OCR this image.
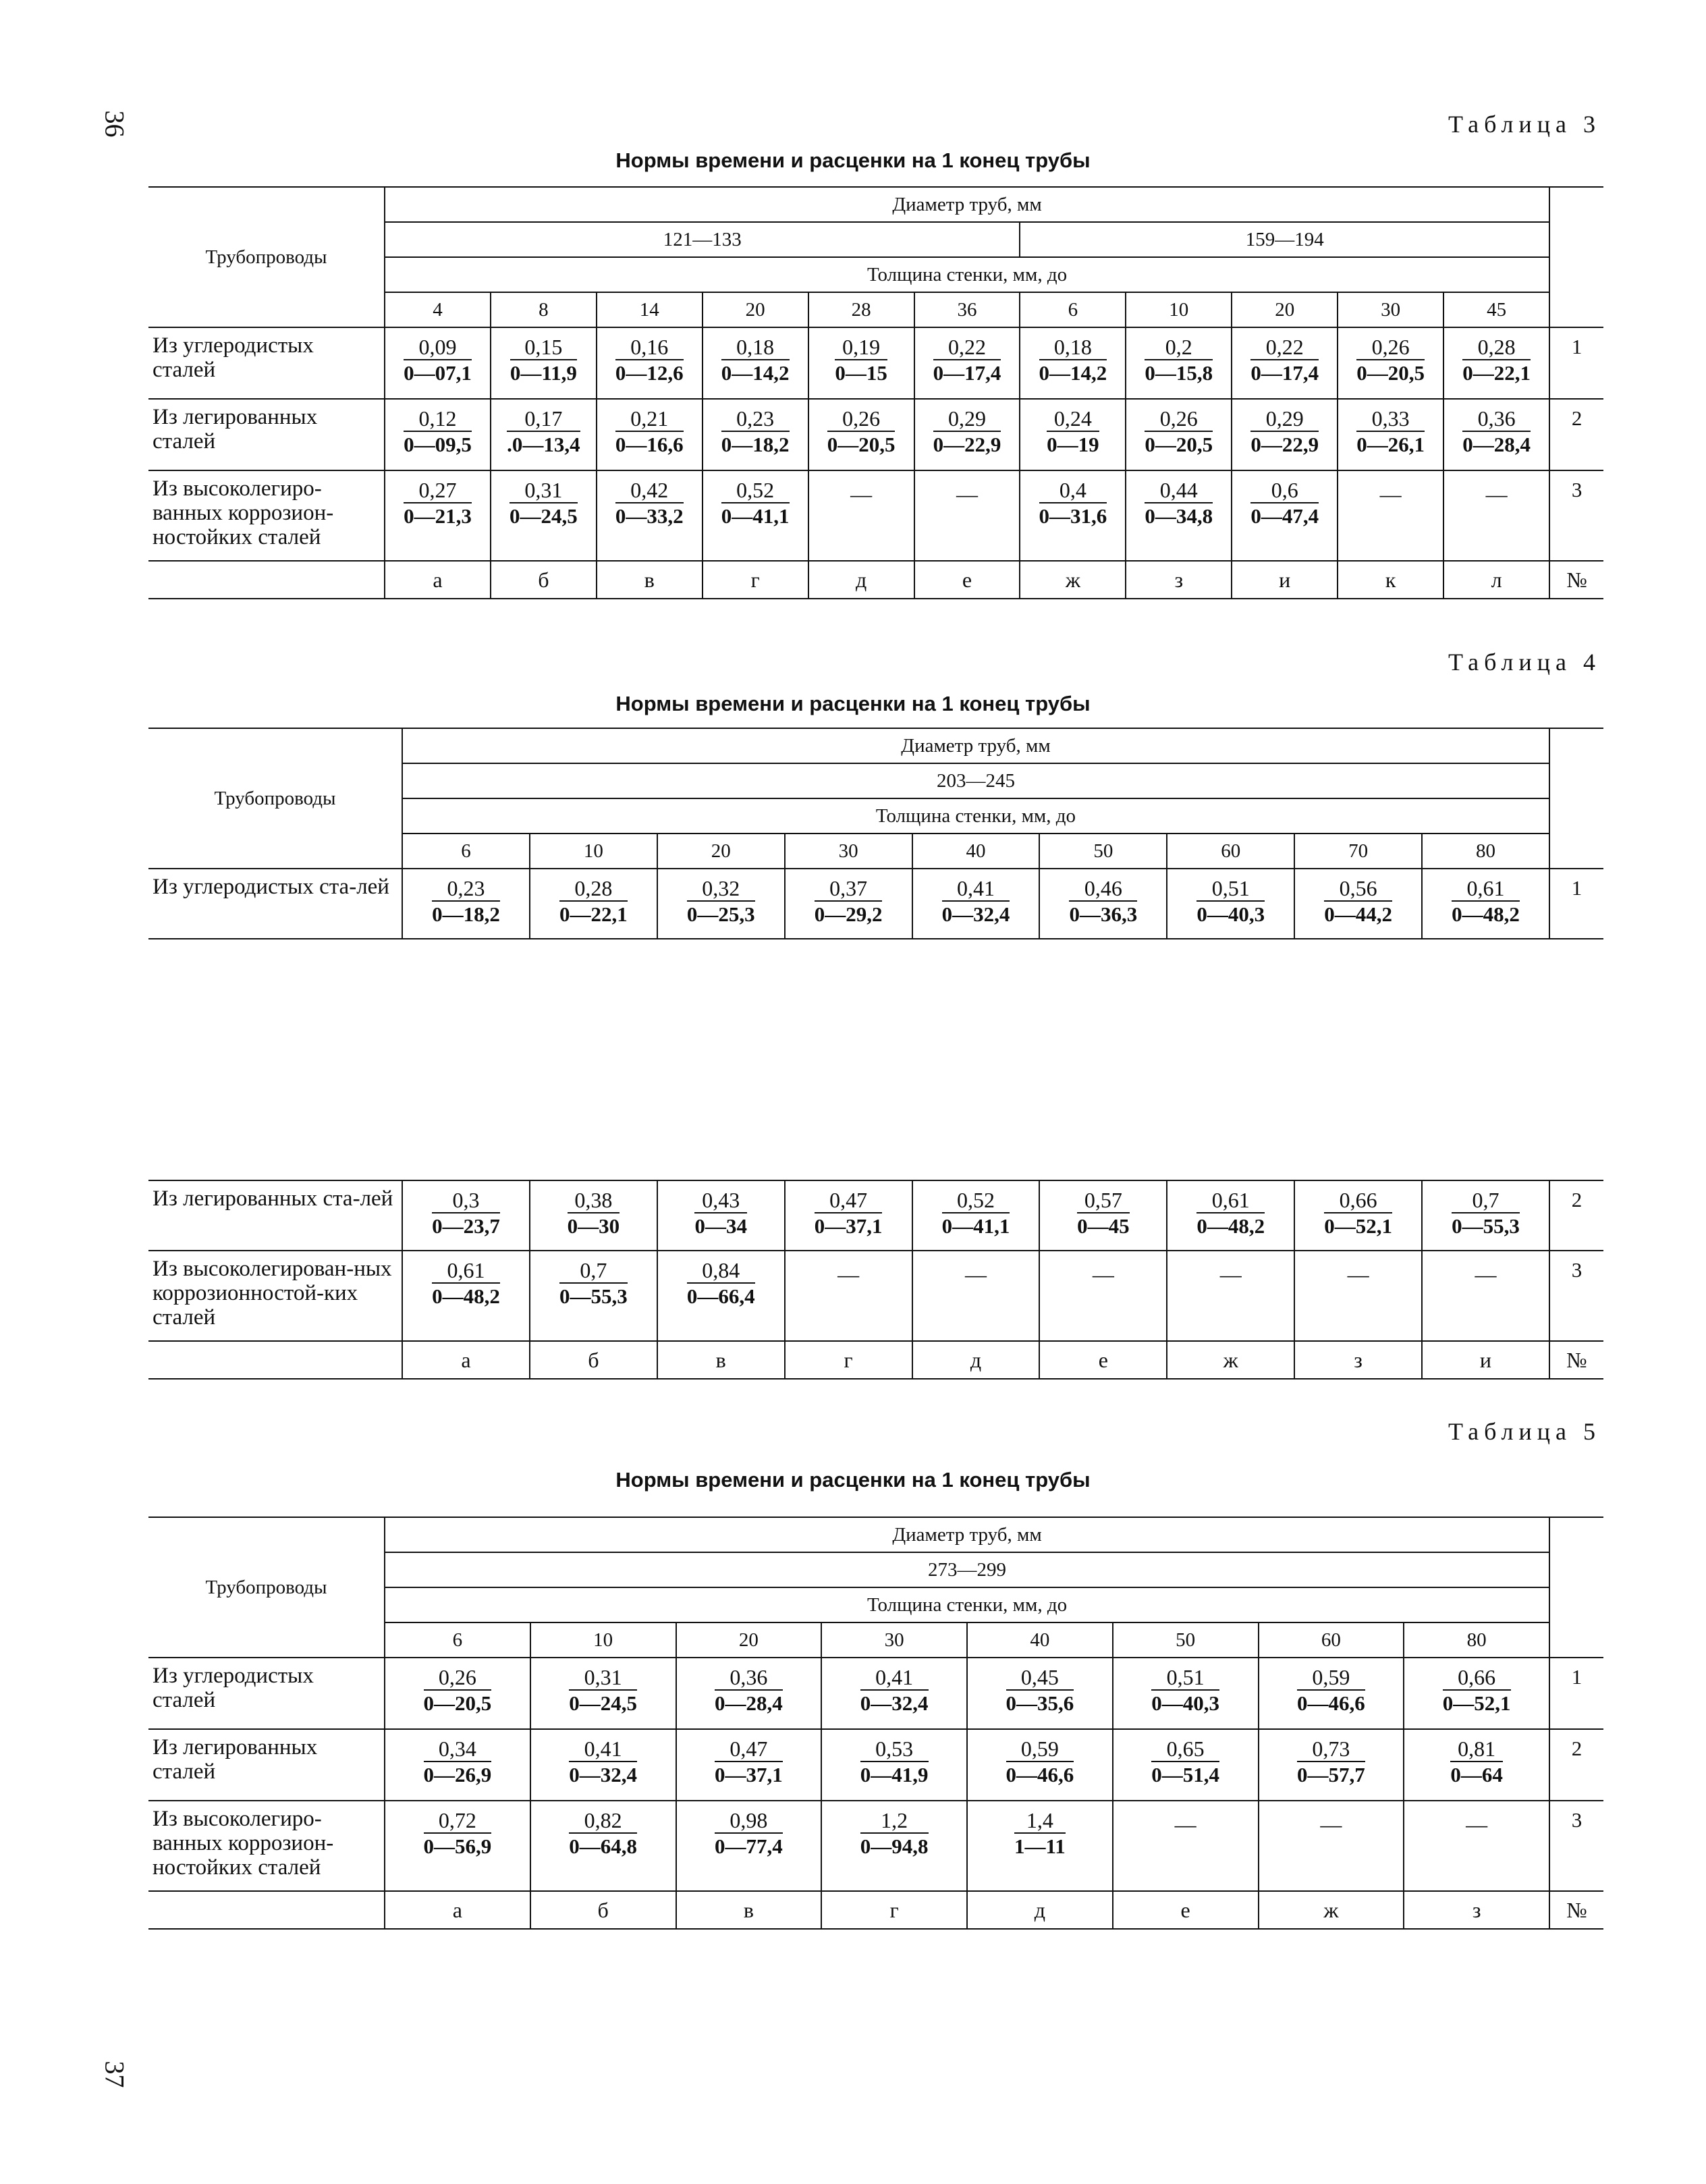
36
37
Таблица 3
Нормы времени и расценки на 1 конец трубы
Трубопроводы	Диаметр труб, мм											
	121—133						159—194					
	Толщина стенки, мм, до											
	4	8	14	20	28	36	6	10	20	30	45	
Из углеродистых сталей	$\frac{0,09}{0—07,1}$	$\frac{0,15}{0—11,9}$	$\frac{0,16}{0—12,6}$	$\frac{0,18}{0—14,2}$	$\frac{0,19}{0—15}$	$\frac{0,22}{0—17,4}$	$\frac{0,18}{0—14,2}$	$\frac{0,2}{0—15,8}$	$\frac{0,22}{0—17,4}$	$\frac{0,26}{0—20,5}$	$\frac{0,28}{0—22,1}$	1
Из легированных сталей	$\frac{0,12}{0—09,5}$	$\frac{0,17}{.0—13,4}$	$\frac{0,21}{0—16,6}$	$\frac{0,23}{0—18,2}$	$\frac{0,26}{0—20,5}$	$\frac{0,29}{0—22,9}$	$\frac{0,24}{0—19}$	$\frac{0,26}{0—20,5}$	$\frac{0,29}{0—22,9}$	$\frac{0,33}{0—26,1}$	$\frac{0,36}{0—28,4}$	2
Из высоколегиро-ванных коррозион-ностойких сталей	$\frac{0,27}{0—21,3}$	$\frac{0,31}{0—24,5}$	$\frac{0,42}{0—33,2}$	$\frac{0,52}{0—41,1}$	—	—	$\frac{0,4}{0—31,6}$	$\frac{0,44}{0—34,8}$	$\frac{0,6}{0—47,4}$	—	—	3
	а	б	в	г	д	е	ж	з	и	к	л	№
Таблица 4
Нормы времени и расценки на 1 конец трубы
Трубопроводы	Диаметр труб, мм									
	203—245									
	Толщина стенки, мм, до									
	6	10	20	30	40	50	60	70	80	
Из углеродистых ста-лей	$\frac{0,23}{0—18,2}$	$\frac{0,28}{0—22,1}$	$\frac{0,32}{0—25,3}$	$\frac{0,37}{0—29,2}$	$\frac{0,41}{0—32,4}$	$\frac{0,46}{0—36,3}$	$\frac{0,51}{0—40,3}$	$\frac{0,56}{0—44,2}$	$\frac{0,61}{0—48,2}$	1
Из легированных ста-лей	$\frac{0,3}{0—23,7}$	$\frac{0,38}{0—30}$	$\frac{0,43}{0—34}$	$\frac{0,47}{0—37,1}$	$\frac{0,52}{0—41,1}$	$\frac{0,57}{0—45}$	$\frac{0,61}{0—48,2}$	$\frac{0,66}{0—52,1}$	$\frac{0,7}{0—55,3}$	2
Из высоколегирован-ных коррозионностой-ких сталей	$\frac{0,61}{0—48,2}$	$\frac{0,7}{0—55,3}$	$\frac{0,84}{0—66,4}$	—	—	—	—	—	—	3
	а	б	в	г	д	е	ж	з	и	№
Таблица 5
Нормы времени и расценки на 1 конец трубы
Трубопроводы	Диаметр труб, мм								
	273—299								
	Толщина стенки, мм, до								
	6	10	20	30	40	50	60	80	
Из углеродистых сталей	$\frac{0,26}{0—20,5}$	$\frac{0,31}{0—24,5}$	$\frac{0,36}{0—28,4}$	$\frac{0,41}{0—32,4}$	$\frac{0,45}{0—35,6}$	$\frac{0,51}{0—40,3}$	$\frac{0,59}{0—46,6}$	$\frac{0,66}{0—52,1}$	1
Из легированных сталей	$\frac{0,34}{0—26,9}$	$\frac{0,41}{0—32,4}$	$\frac{0,47}{0—37,1}$	$\frac{0,53}{0—41,9}$	$\frac{0,59}{0—46,6}$	$\frac{0,65}{0—51,4}$	$\frac{0,73}{0—57,7}$	$\frac{0,81}{0—64}$	2
Из высоколегиро-ванных коррозион-ностойких сталей	$\frac{0,72}{0—56,9}$	$\frac{0,82}{0—64,8}$	$\frac{0,98}{0—77,4}$	$\frac{1,2}{0—94,8}$	$\frac{1,4}{1—11}$	—	—	—	3
	а	б	в	г	д	е	ж	з	№
